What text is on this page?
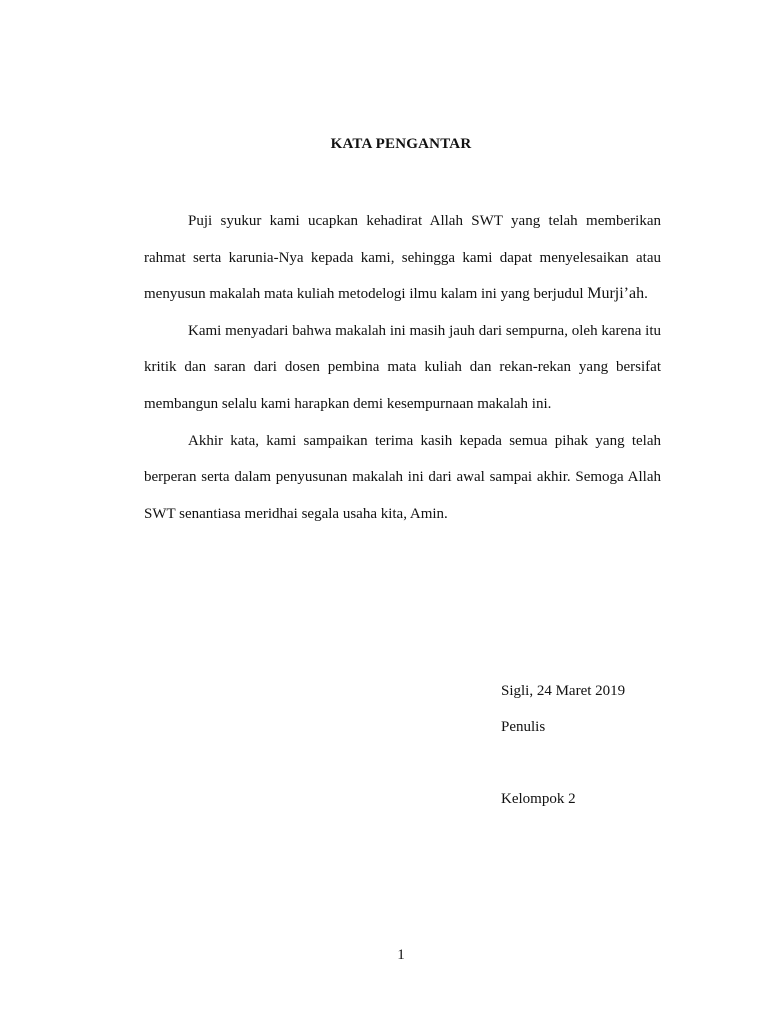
KATA PENGANTAR

Puji syukur kami ucapkan kehadirat Allah SWT yang telah memberikan rahmat serta karunia-Nya kepada kami, sehingga kami dapat menyelesaikan atau menyusun makalah mata kuliah metodelogi ilmu kalam ini yang berjudul Murji’ah.

Kami menyadari bahwa makalah ini masih jauh dari sempurna, oleh karena itu kritik dan saran dari dosen pembina mata kuliah dan rekan-rekan yang bersifat membangun selalu kami harapkan demi kesempurnaan makalah ini.

Akhir kata, kami sampaikan terima kasih kepada semua pihak yang telah berperan serta dalam penyusunan makalah ini dari awal sampai akhir. Semoga Allah SWT senantiasa meridhai segala usaha kita, Amin.

Sigli, 24 Maret 2019
Penulis
Kelompok 2
1
